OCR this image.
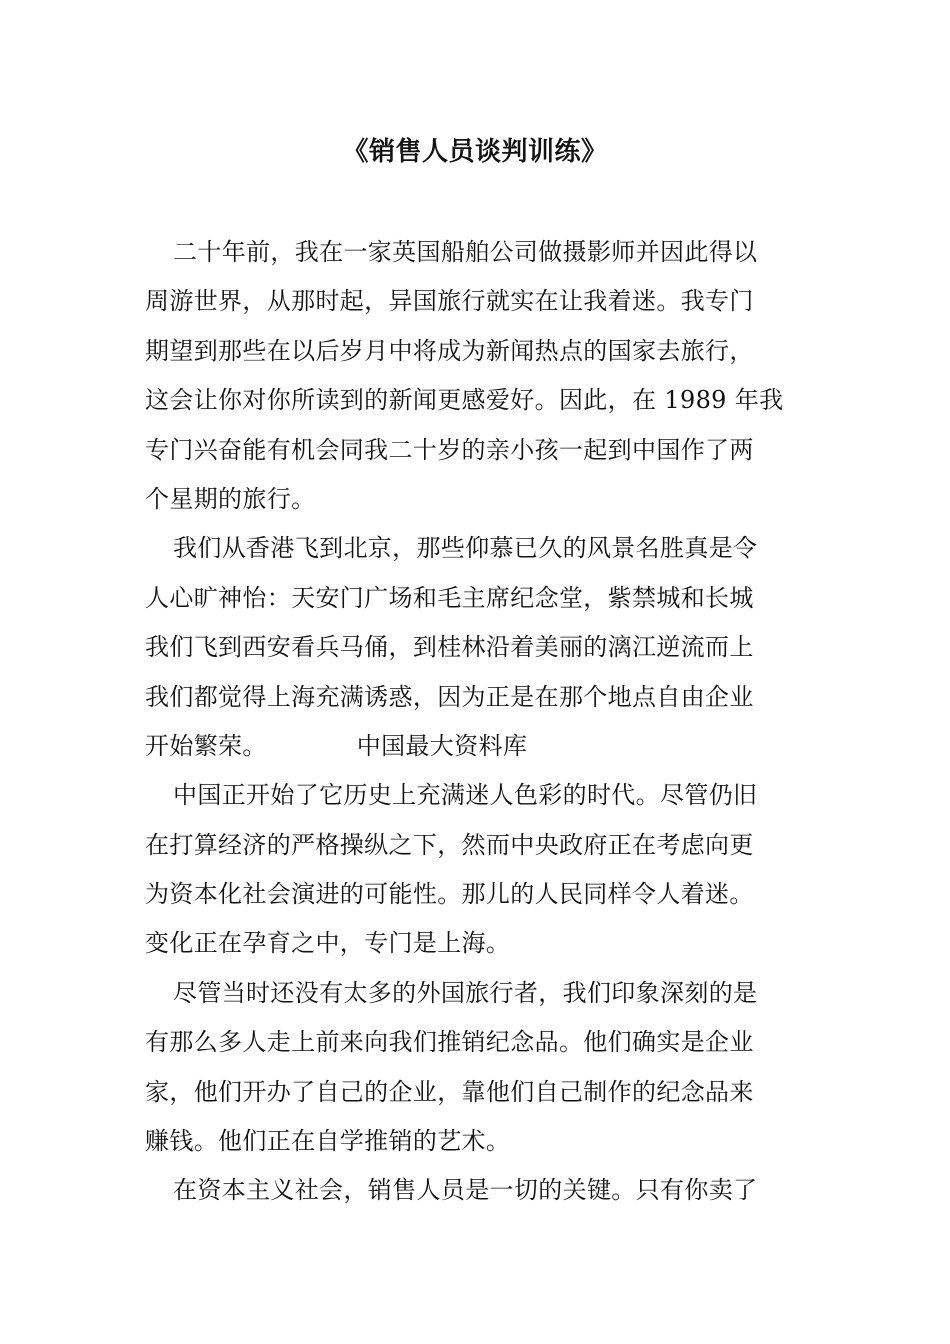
《销售人员谈判训练》
二十年前，我在一家英国船舶公司做摄影师并因此得以
周游世界，从那时起，异国旅行就实在让我着迷。我专门
期望到那些在以后岁月中将成为新闻热点的国家去旅行，
这会让你对你所读到的新闻更感爱好。因此，在 1989 年我
专门兴奋能有机会同我二十岁的亲小孩一起到中国作了两
个星期的旅行。
我们从香港飞到北京，那些仰慕已久的风景名胜真是令
人心旷神怡：天安门广场和毛主席纪念堂，紫禁城和长城
我们飞到西安看兵马俑，到桂林沿着美丽的漓江逆流而上
我们都觉得上海充满诱惑，因为正是在那个地点自由企业
开始繁荣。	中国最大资料库
中国正开始了它历史上充满迷人色彩的时代。尽管仍旧
在打算经济的严格操纵之下，然而中央政府正在考虑向更
为资本化社会演进的可能性。那儿的人民同样令人着迷。
变化正在孕育之中，专门是上海。
尽管当时还没有太多的外国旅行者，我们印象深刻的是
有那么多人走上前来向我们推销纪念品。他们确实是企业
家，他们开办了自己的企业，靠他们自己制作的纪念品来
赚钱。他们正在自学推销的艺术。
在资本主义社会，销售人员是一切的关键。只有你卖了
